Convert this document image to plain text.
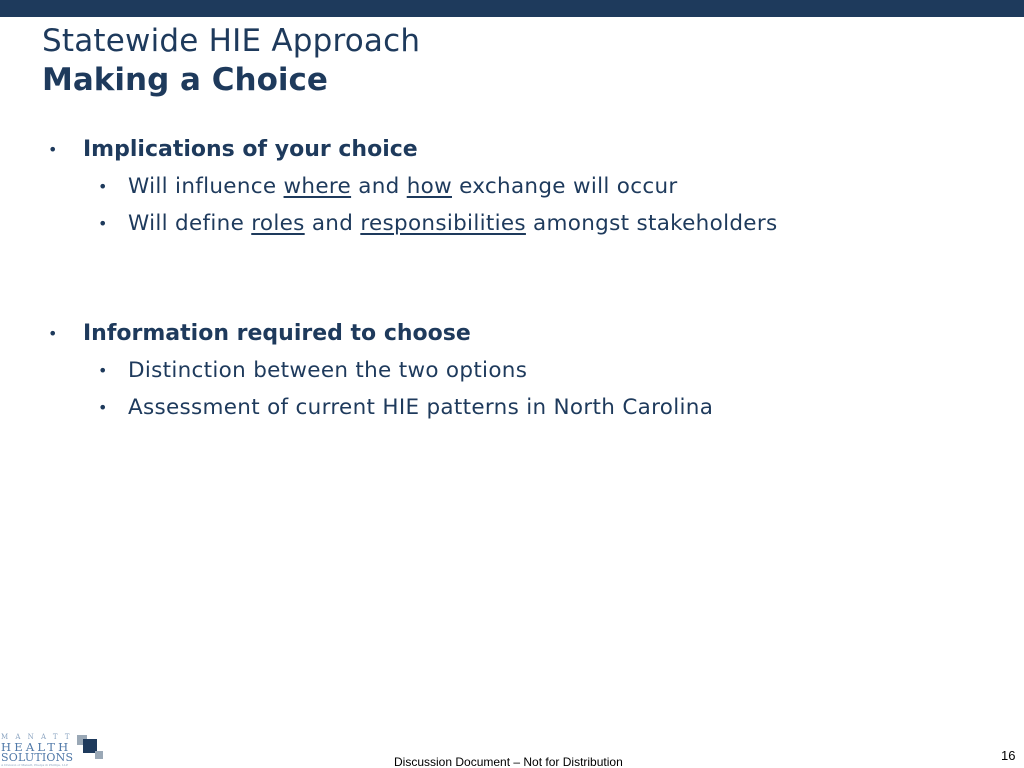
Statewide HIE Approach
Making a Choice
• Implications of your choice
• Will influence where and how exchange will occur
• Will define roles and responsibilities amongst stakeholders
• Information required to choose
• Distinction between the two options
• Assessment of current HIE patterns in North Carolina
MANATT
HEALTH
SOLUTIONS
A Division of Manatt, Phelps & Phillips, LLP	Discussion Document – Not for Distribution	16
